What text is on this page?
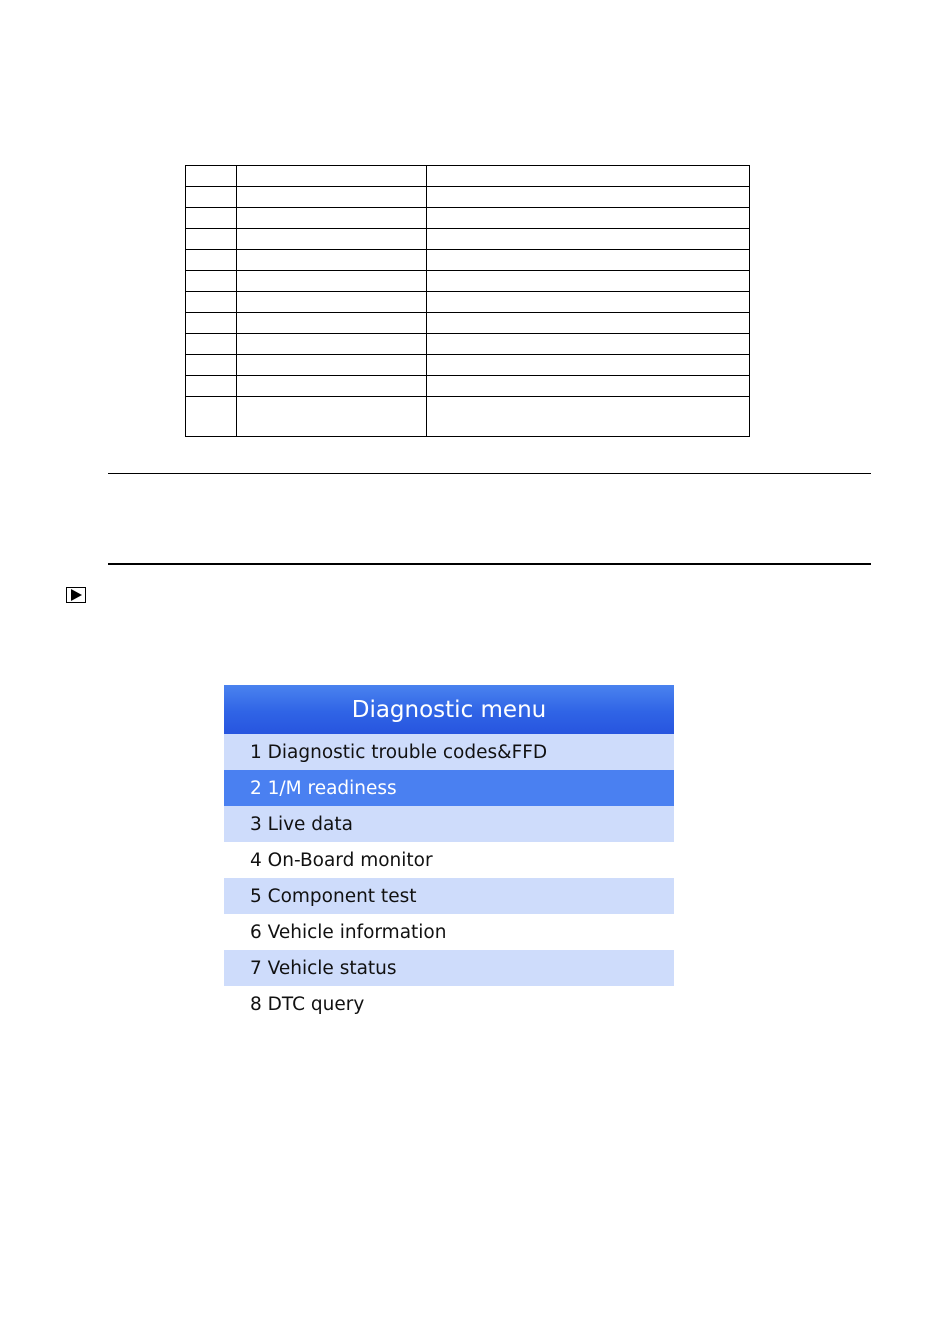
Diagnostic menu
1 Diagnostic trouble codes&FFD
2 1/M readiness
3 Live data
4 On-Board monitor
5 Component test
6 Vehicle information
7 Vehicle status
8 DTC query
